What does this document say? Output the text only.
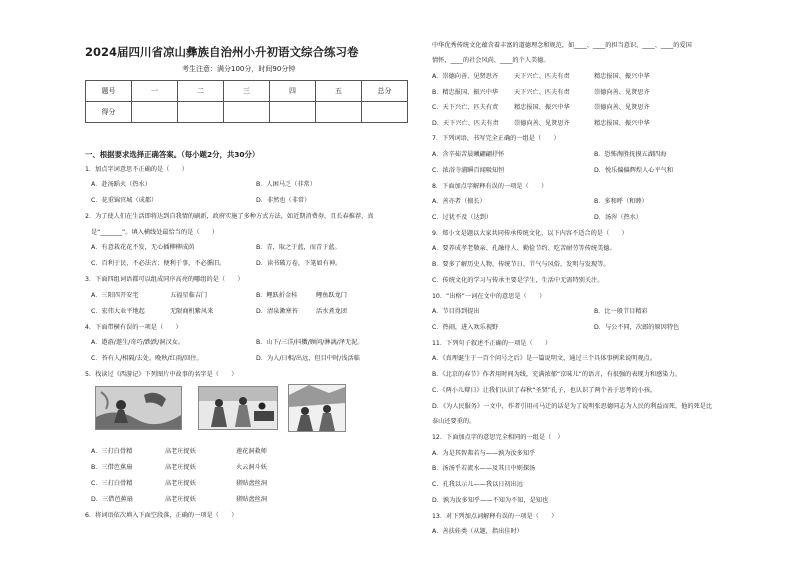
2024届四川省凉山彝族自治州小升初语文综合练习卷
考生注意：满分100分，时间90分钟
题号	一	二	三	四	五	总分
得分						
一、根据要求选择正确答案。（每小题2分，共30分）
1．加点字词意思不正确的是（　　）
A．赴汤蹈火（热水）	B．人困马乏（非常）
C．花重锦官城（成都）	D．非然也（非常）
2．为了使人们在生活即将达到自我情的刷新，政府实施了多种方式方法，如近期消费券，且长春推荐，真
是“_______”。填入横线处最恰当的是（　　）
A．有意栽花花不发，无心插柳柳成荫	B．青，取之于蓝，而青于蓝。
C．百利于民，不必法古；便利于事，不必循旧。	D．读书破万卷，下笔如有神。
3．下面四组词语都可以组成同序高亮的哪组的是（　　）
A．三阳四开安宅	五福星临吉门	B．鲤跃折金桂	鲤鱼跃龙门
C．宏伟大业平地起	无限商机紫风来	D．清泉漱寒苔	活水煮龙团
4．下面带横有误的一项是（　　）
A．遨游/遨生/奇巧/跌跌/洞汉女。	B．山下/三洋/抖擞/顾问/淋漓/泽无泥。
C．苔有人/相隔/去处，晚秋/红雨/回住。	D．为人/日相/出远，但目中时/浅活临
5．找读过《西游记》下列图片中故事的名字是（　　）
A．三打白骨精	高老庄捉妖	莲花洞救师
B．三借芭蕉扇	高老庄捉妖	火云洞斗妖
C．三打白骨精	高老庄捉妖	猪贴盘丝洞
D．三借芭蕉扇	高老庄捉妖	猪贴盘丝洞
6．将词语依次填入下面空段落，正确的一项是（　　）
中华优秀传统文化蕴含着丰富的道德理念和规范，如____、____的担当意识，____、____的爱国
情怀，____的社会风尚，____的个人美德。
A．崇德向善、见贤思齐	天下兴亡、匹夫有责	精忠报国、振兴中华
B．精忠报国、振兴中华	天下兴亡、匹夫有责	崇德向善、见贤思齐
C．天下兴亡、匹夫有责	精忠报国、振兴中华	崇德向善、见贤思齐
D．天下兴亡、匹夫有责 崇德向善、见贤思齐	精忠报国、振兴中华
7．下列词语，书写完全正确的一组是（　　）
A．含辛茹苦晨曦翩翩抒怀	B．恐怖淘胜抚摸五湖四海
C．浓浴寺浦瞬百闻吸知恒	D．悦乐偏偏辉煌人心平气和
8．下面加点字解释有误的一项是（　　）
A．善亦者（擅长）	B．多和呼（和睦）
C．过犹不及（达到）	D．汤浑（热水）
9．郑小文是题以大家共同传承传统文化，以下内容不适合的是（　　）
A．要养成孝老敬亲、孔融待人、勤俭节约、吃苦耐劳等传统美德。
B．要多了解历史人物、传统节日、节气与风俗，发明与发现等。
C．传统文化的学习与传承主要是学生，生活中无需特别关注。
10．“出格”一词在文中的意思是（　　）
A．节目得到提出	B．比一般节目精彩
C．热闹，进入欢乐视野	D．与公不同，次郎的原因特色
11．下列句子叙述不正确的一项是（　　）
A．《真理诞生于一百个问号之后》是一篇说明文，通过三个具体事例来说明观点。
B．《北京的春节》作者用时间为线，充满浓郁“京味儿”的语言，有很强的表现力和感染力。
C．《两小儿辩日》让我们认识了春秋“圣贤”孔子，也认识了两个善于思考的小孩。
D．《为人民服务》一文中，作者引用司马迁的话是为了说明张思德同志为人民的利益而死，他的死是比
泰山还要重的。
12．下面加点字的意思完全相同的一组是（　）
A．为是其智弗若与——孰为汝多知乎
B．汤汤乎若流水——及其日中则探汤
C．孔我以示儿——我以日初出远
D．孰为汝多知乎——不知为不知，是知也
13．对下列加点词解释有误的一项是（　　）
A．善扶娃类（从题，指出佳时）
